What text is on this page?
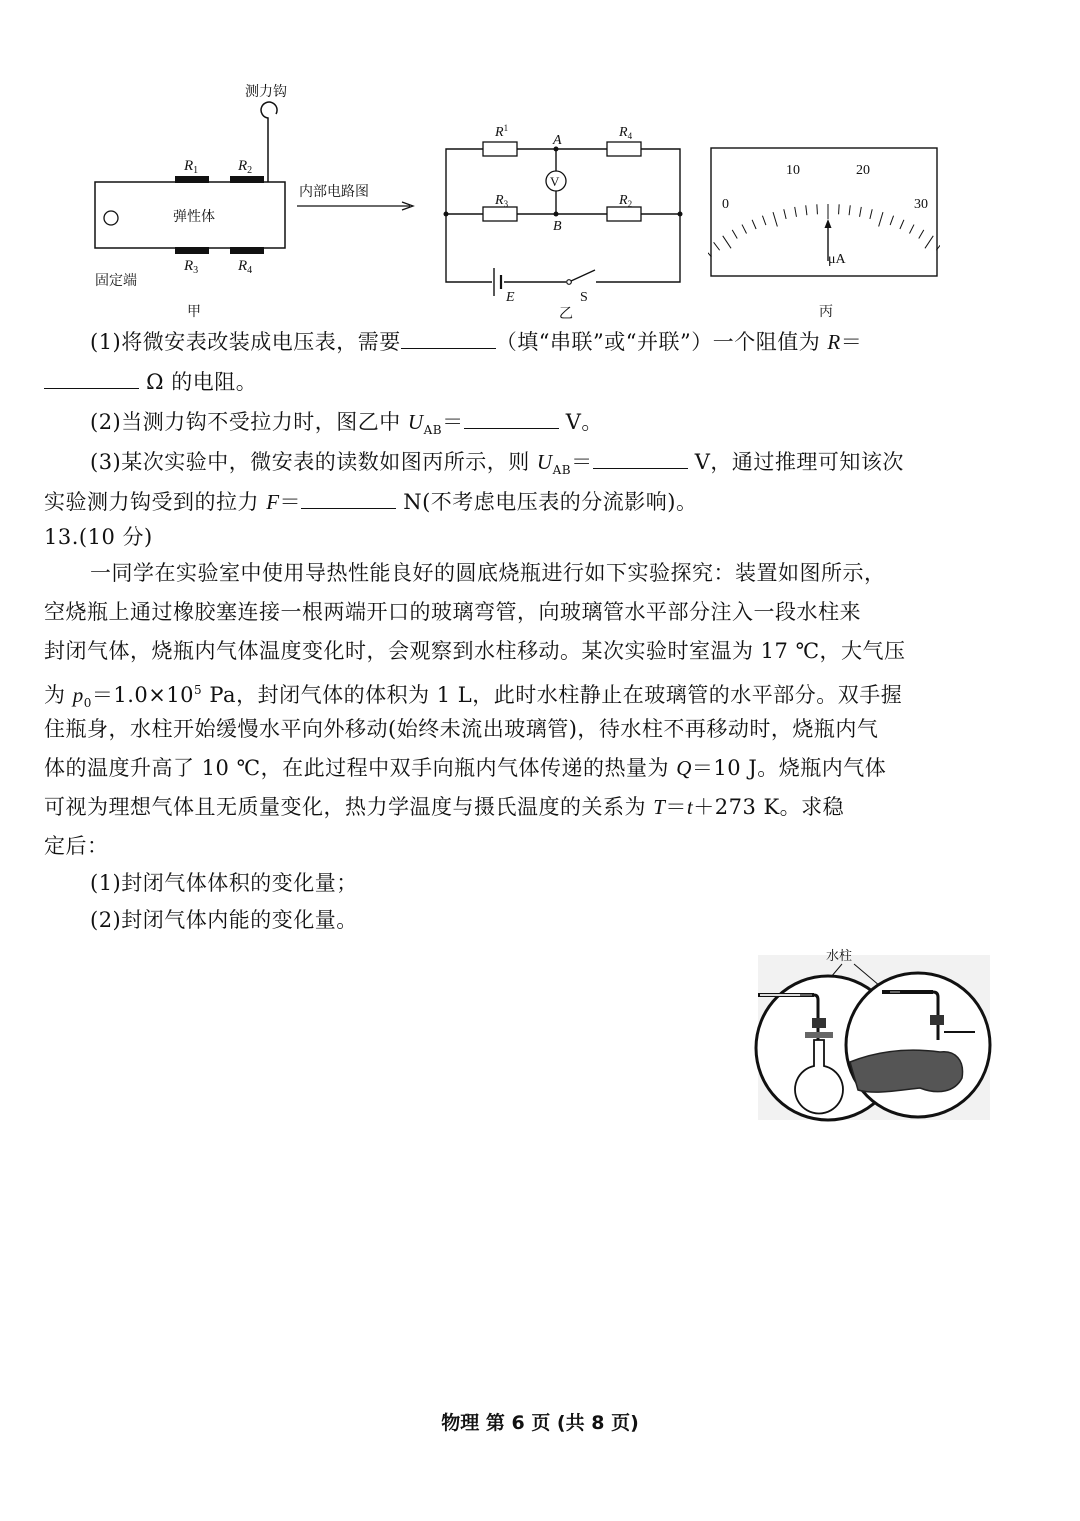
测力钩
$R_1$	$R_2$
$R_3$	$R_4$
弹性体
固定端
甲
内部电路图
V
$R^1$	$R_4$
$R_3$	$R_2$
A
B
E	S
乙
0
10	20
30
μA
丙
(1)将微安表改装成电压表，需要	（填“串联”或“并联”）一个阻值为 R＝
Ω 的电阻。
(2)当测力钩不受拉力时，图乙中 $U_{AB}=$	V。
(3)某次实验中，微安表的读数如图丙所示，则 $U_{AB}=$	V，通过推理可知该次
实验测力钩受到的拉力 F＝	N(不考虑电压表的分流影响)。
13.(10 分)
一同学在实验室中使用导热性能良好的圆底烧瓶进行如下实验探究：装置如图所示，
空烧瓶上通过橡胶塞连接一根两端开口的玻璃弯管，向玻璃管水平部分注入一段水柱来
封闭气体，烧瓶内气体温度变化时，会观察到水柱移动。某次实验时室温为 17 ℃，大气压
为 $p_0=1.0\times 10^5$ Pa，封闭气体的体积为 1 L，此时水柱静止在玻璃管的水平部分。双手握
住瓶身，水柱开始缓慢水平向外移动(始终未流出玻璃管)，待水柱不再移动时，烧瓶内气
体的温度升高了 10 ℃，在此过程中双手向瓶内气体传递的热量为 Q＝10 J。烧瓶内气体
可视为理想气体且无质量变化，热力学温度与摄氏温度的关系为 T＝t＋273 K。求稳
定后：
(1)封闭气体体积的变化量；
(2)封闭气体内能的变化量。
水柱
物理 第 6 页 (共 8 页)
